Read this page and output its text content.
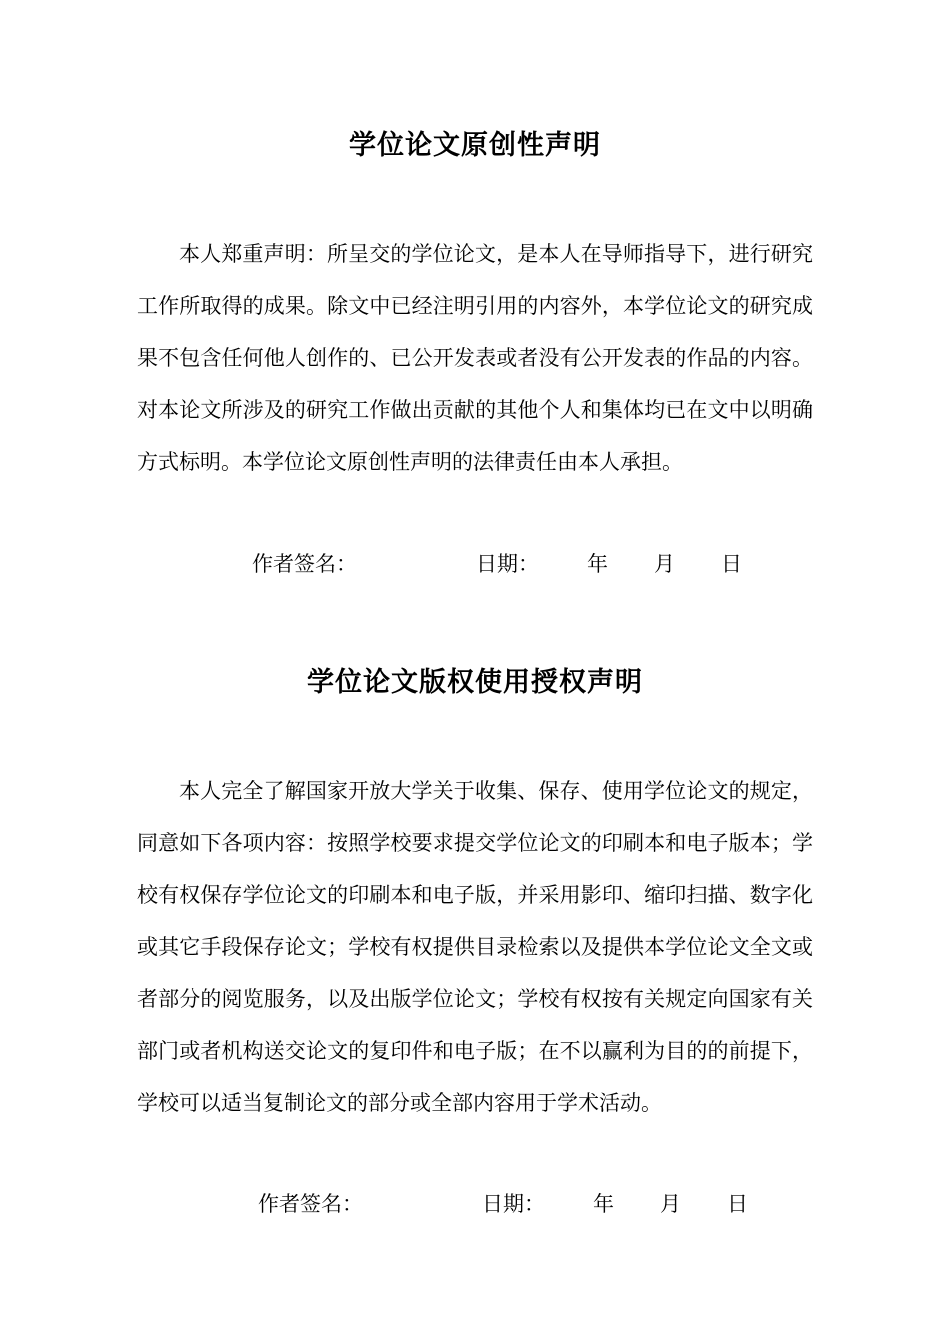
学位论文原创性声明

本人郑重声明：所呈交的学位论文，是本人在导师指导下，进行研究工作所取得的成果。除文中已经注明引用的内容外，本学位论文的研究成果不包含任何他人创作的、已公开发表或者没有公开发表的作品的内容。对本论文所涉及的研究工作做出贡献的其他个人和集体均已在文中以明确方式标明。本学位论文原创性声明的法律责任由本人承担。

作者签名：	日期： 年 月 日
学位论文版权使用授权声明

本人完全了解国家开放大学关于收集、保存、使用学位论文的规定，同意如下各项内容：按照学校要求提交学位论文的印刷本和电子版本；学校有权保存学位论文的印刷本和电子版，并采用影印、缩印扫描、数字化或其它手段保存论文；学校有权提供目录检索以及提供本学位论文全文或者部分的阅览服务，以及出版学位论文；学校有权按有关规定向国家有关部门或者机构送交论文的复印件和电子版；在不以赢利为目的的前提下，学校可以适当复制论文的部分或全部内容用于学术活动。

作者签名：	日期： 年 月 日
